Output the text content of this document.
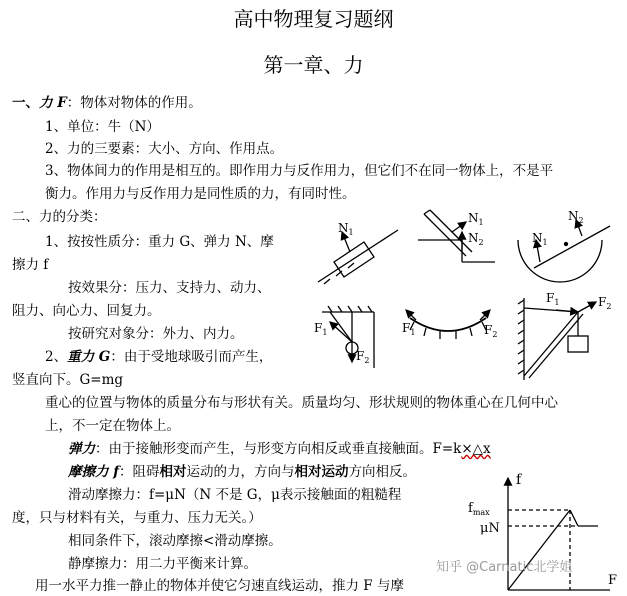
高中物理复习题纲
第一章、力
一、力 F：物体对物体的作用。
1、单位：牛（N）
2、力的三要素：大小、方向、作用点。
3、物体间力的作用是相互的。即作用力与反作用力，但它们不在同一物体上，不是平
衡力。作用力与反作用力是同性质的力，有同时性。
二、力的分类：
1、按按性质分：重力 G、弹力 N、摩
擦力 f
按效果分：压力、支持力、动力、
阻力、向心力、回复力。
按研究对象分：外力、内力。
2、重力 G：由于受地球吸引而产生，
竖直向下。G=mg
重心的位置与物体的质量分布与形状有关。质量均匀、形状规则的物体重心在几何中心
上，不一定在物体上。
弹力：由于接触形变而产生，与形变方向相反或垂直接触面。F=k×△x
摩擦力 f：阻碍相对运动的力，方向与相对运动方向相反。
滑动摩擦力：f=μN（N 不是 G，μ表示接触面的粗糙程
度，只与材料有关，与重力、压力无关。）
相同条件下，滚动摩擦<滑动摩擦。
静摩擦力：用二力平衡来计算。
用一水平力推一静止的物体并使它匀速直线运动，推力 F 与摩
$N_1$
$N_1$
$N_2$	$N_1$
$N_2$
$F_1$
$F_2$
$F_1$	$F_2$
$F_1$	$F_2$
f
$f_{max}$
μN
F
知乎 @Carnatic北学姐
